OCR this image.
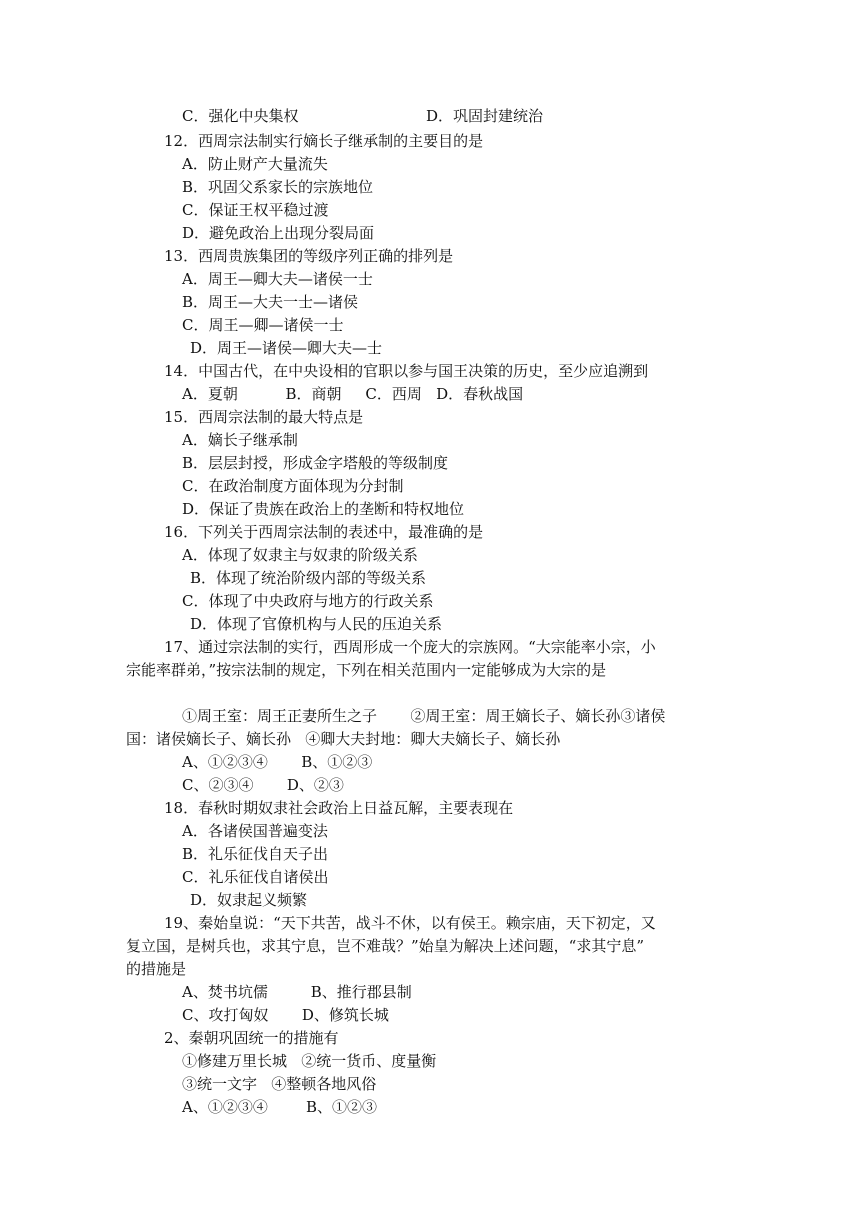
C．强化中央集权	D．巩固封建统治
12．西周宗法制实行嫡长子继承制的主要目的是
A．防止财产大量流失
B．巩固父系家长的宗族地位
C．保证王权平稳过渡
D．避免政治上出现分裂局面
13．西周贵族集团的等级序列正确的排列是
A．周王—卿大夫—诸侯一士
B．周王—大夫一士—诸侯
C．周王—卿—诸侯一士
D．周王—诸侯—卿大夫—士
14．中国古代，在中央设相的官职以参与国王决策的历史，至少应追溯到
A．夏朝          B．商朝     C．西周   D．春秋战国
15．西周宗法制的最大特点是
A．嫡长子继承制
B．层层封授，形成金字塔般的等级制度
C．在政治制度方面体现为分封制
D．保证了贵族在政治上的垄断和特权地位
16．下列关于西周宗法制的表述中，最准确的是
A．体现了奴隶主与奴隶的阶级关系
B．体现了统治阶级内部的等级关系
C．体现了中央政府与地方的行政关系
D．体现了官僚机构与人民的压迫关系
17、通过宗法制的实行，西周形成一个庞大的宗族网。“大宗能率小宗，小
宗能率群弟，”按宗法制的规定，下列在相关范围内一定能够成为大宗的是
①周王室：周王正妻所生之子       ②周王室：周王嫡长子、嫡长孙③诸侯
国：诸侯嫡长子、嫡长孙   ④卿大夫封地：卿大夫嫡长子、嫡长孙
A、①②③④       B、①②③
C、②③④       D、②③
18．春秋时期奴隶社会政治上日益瓦解，主要表现在
A．各诸侯国普遍变法
B．礼乐征伐自天子出
C．礼乐征伐自诸侯出
D．奴隶起义频繁
19、秦始皇说：“天下共苦，战斗不休，以有侯王。赖宗庙，天下初定，又
复立国，是树兵也，求其宁息，岂不难哉？”始皇为解决上述问题，“求其宁息”
的措施是
A、焚书坑儒         B、推行郡县制
C、攻打匈奴       D、修筑长城
2、秦朝巩固统一的措施有
①修建万里长城   ②统一货币、度量衡
③统一文字   ④整顿各地风俗
A、①②③④        B、①②③
